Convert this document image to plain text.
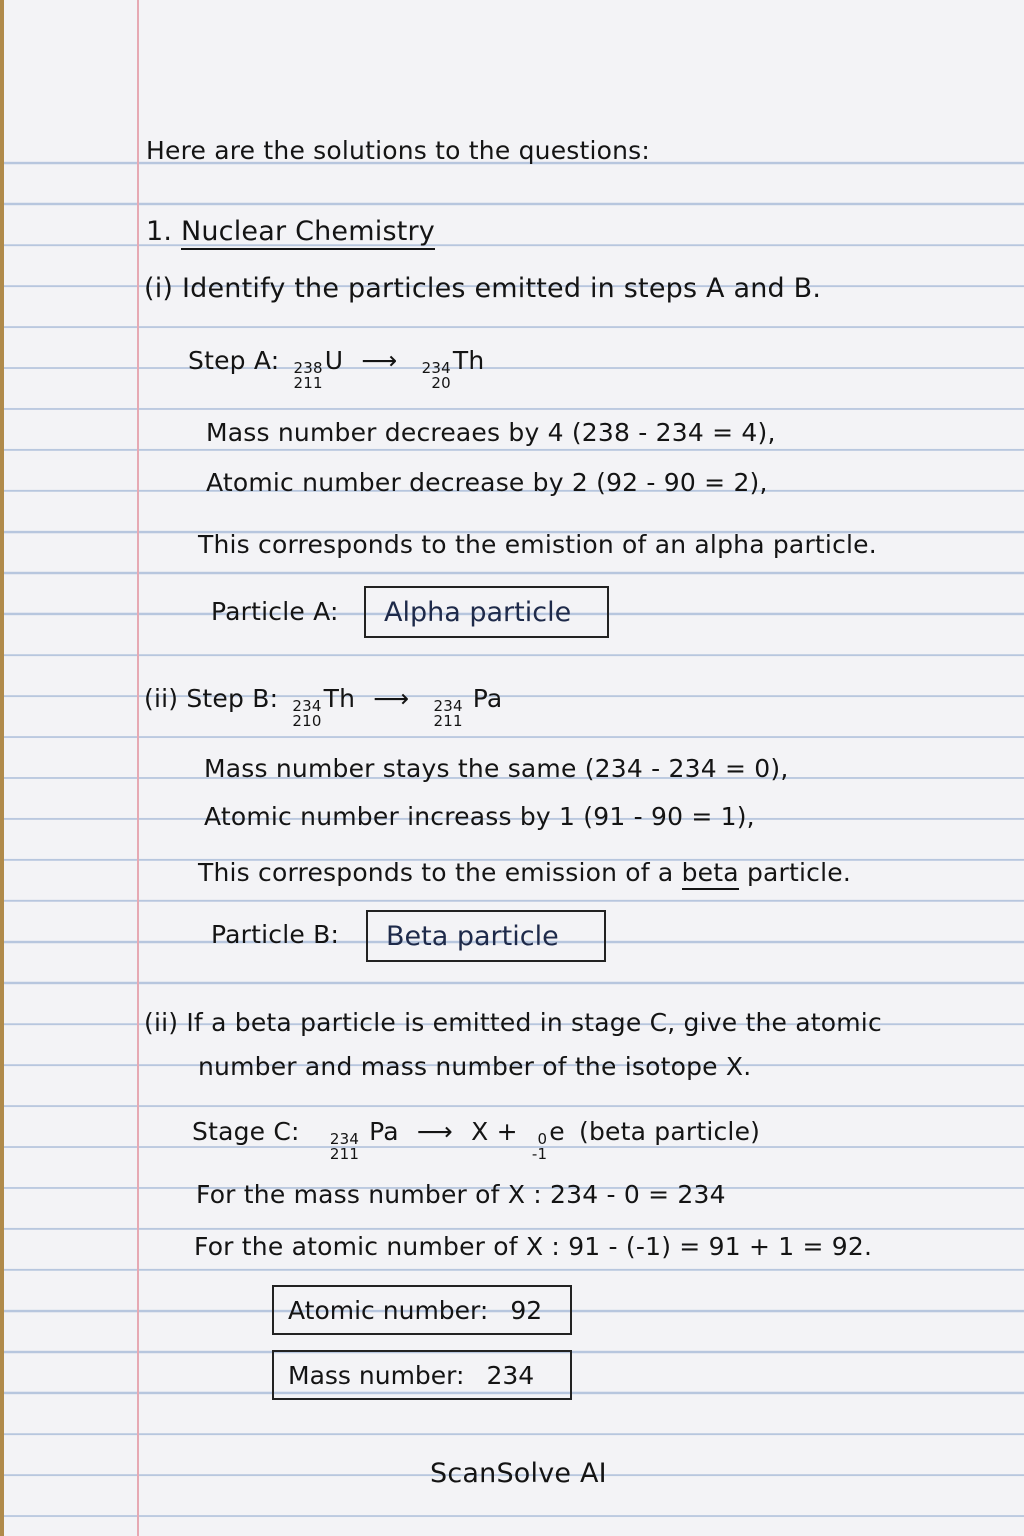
Here are the solutions to the questions:
1. Nuclear Chemistry
(i) Identify the particles emitted in steps A and B.
Step A: 238
211
U ⟶ 234
20
Th
Mass number decreaes by 4 (238 - 234 = 4),
Atomic number decrease by 2 (92 - 90 = 2),
This corresponds to the emistion of an alpha particle.
Particle A: Alpha particle
(ii) Step B: 234
210
Th ⟶ 234
211
Pa
Mass number stays the same (234 - 234 = 0),
Atomic number increass by 1 (91 - 90 = 1),
This corresponds to the emission of a beta particle.
Particle B: Beta particle
(ii) If a beta particle is emitted in stage C, give the atomic
number and mass number of the isotope X.
Stage C: 234
211
Pa ⟶ X + 0
-1
e (beta particle)
For the mass number of X : 234 - 0 = 234
For the atomic number of X : 91 - (-1) = 91 + 1 = 92.
Atomic number: 92
Mass number: 234
ScanSolve AI
